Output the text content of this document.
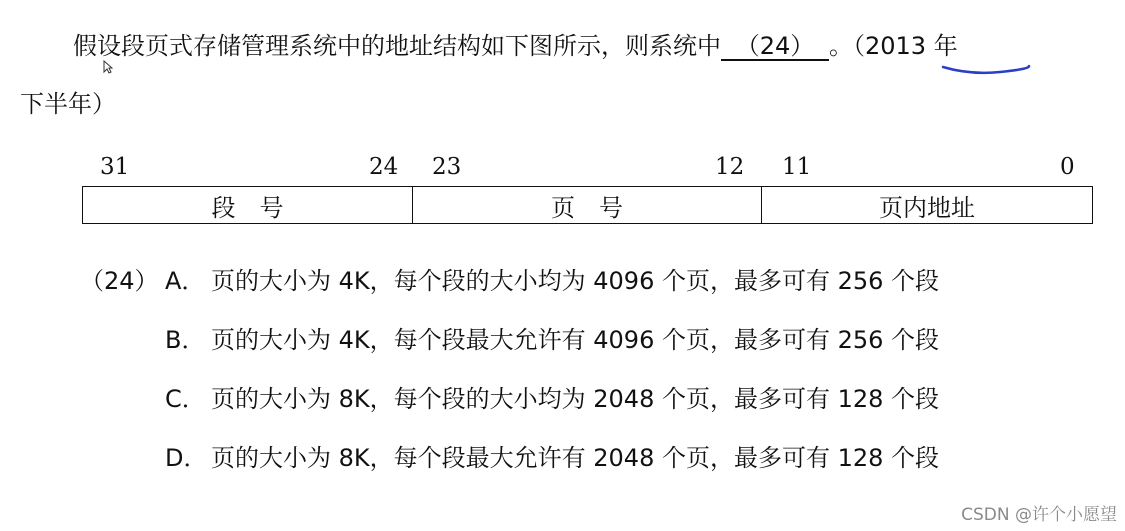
假设段页式存储管理系统中的地址结构如下图所示，则系统中 （24） 。（2013 年
下半年）
31	24 23	12 11	0
段　号	页　号	页内地址
（24） A． 页的大小为 4K，每个段的大小均为 4096 个页，最多可有 256 个段
B． 页的大小为 4K，每个段最大允许有 4096 个页，最多可有 256 个段
C． 页的大小为 8K，每个段的大小均为 2048 个页，最多可有 128 个段
D． 页的大小为 8K，每个段最大允许有 2048 个页，最多可有 128 个段
CSDN @许个小愿望
